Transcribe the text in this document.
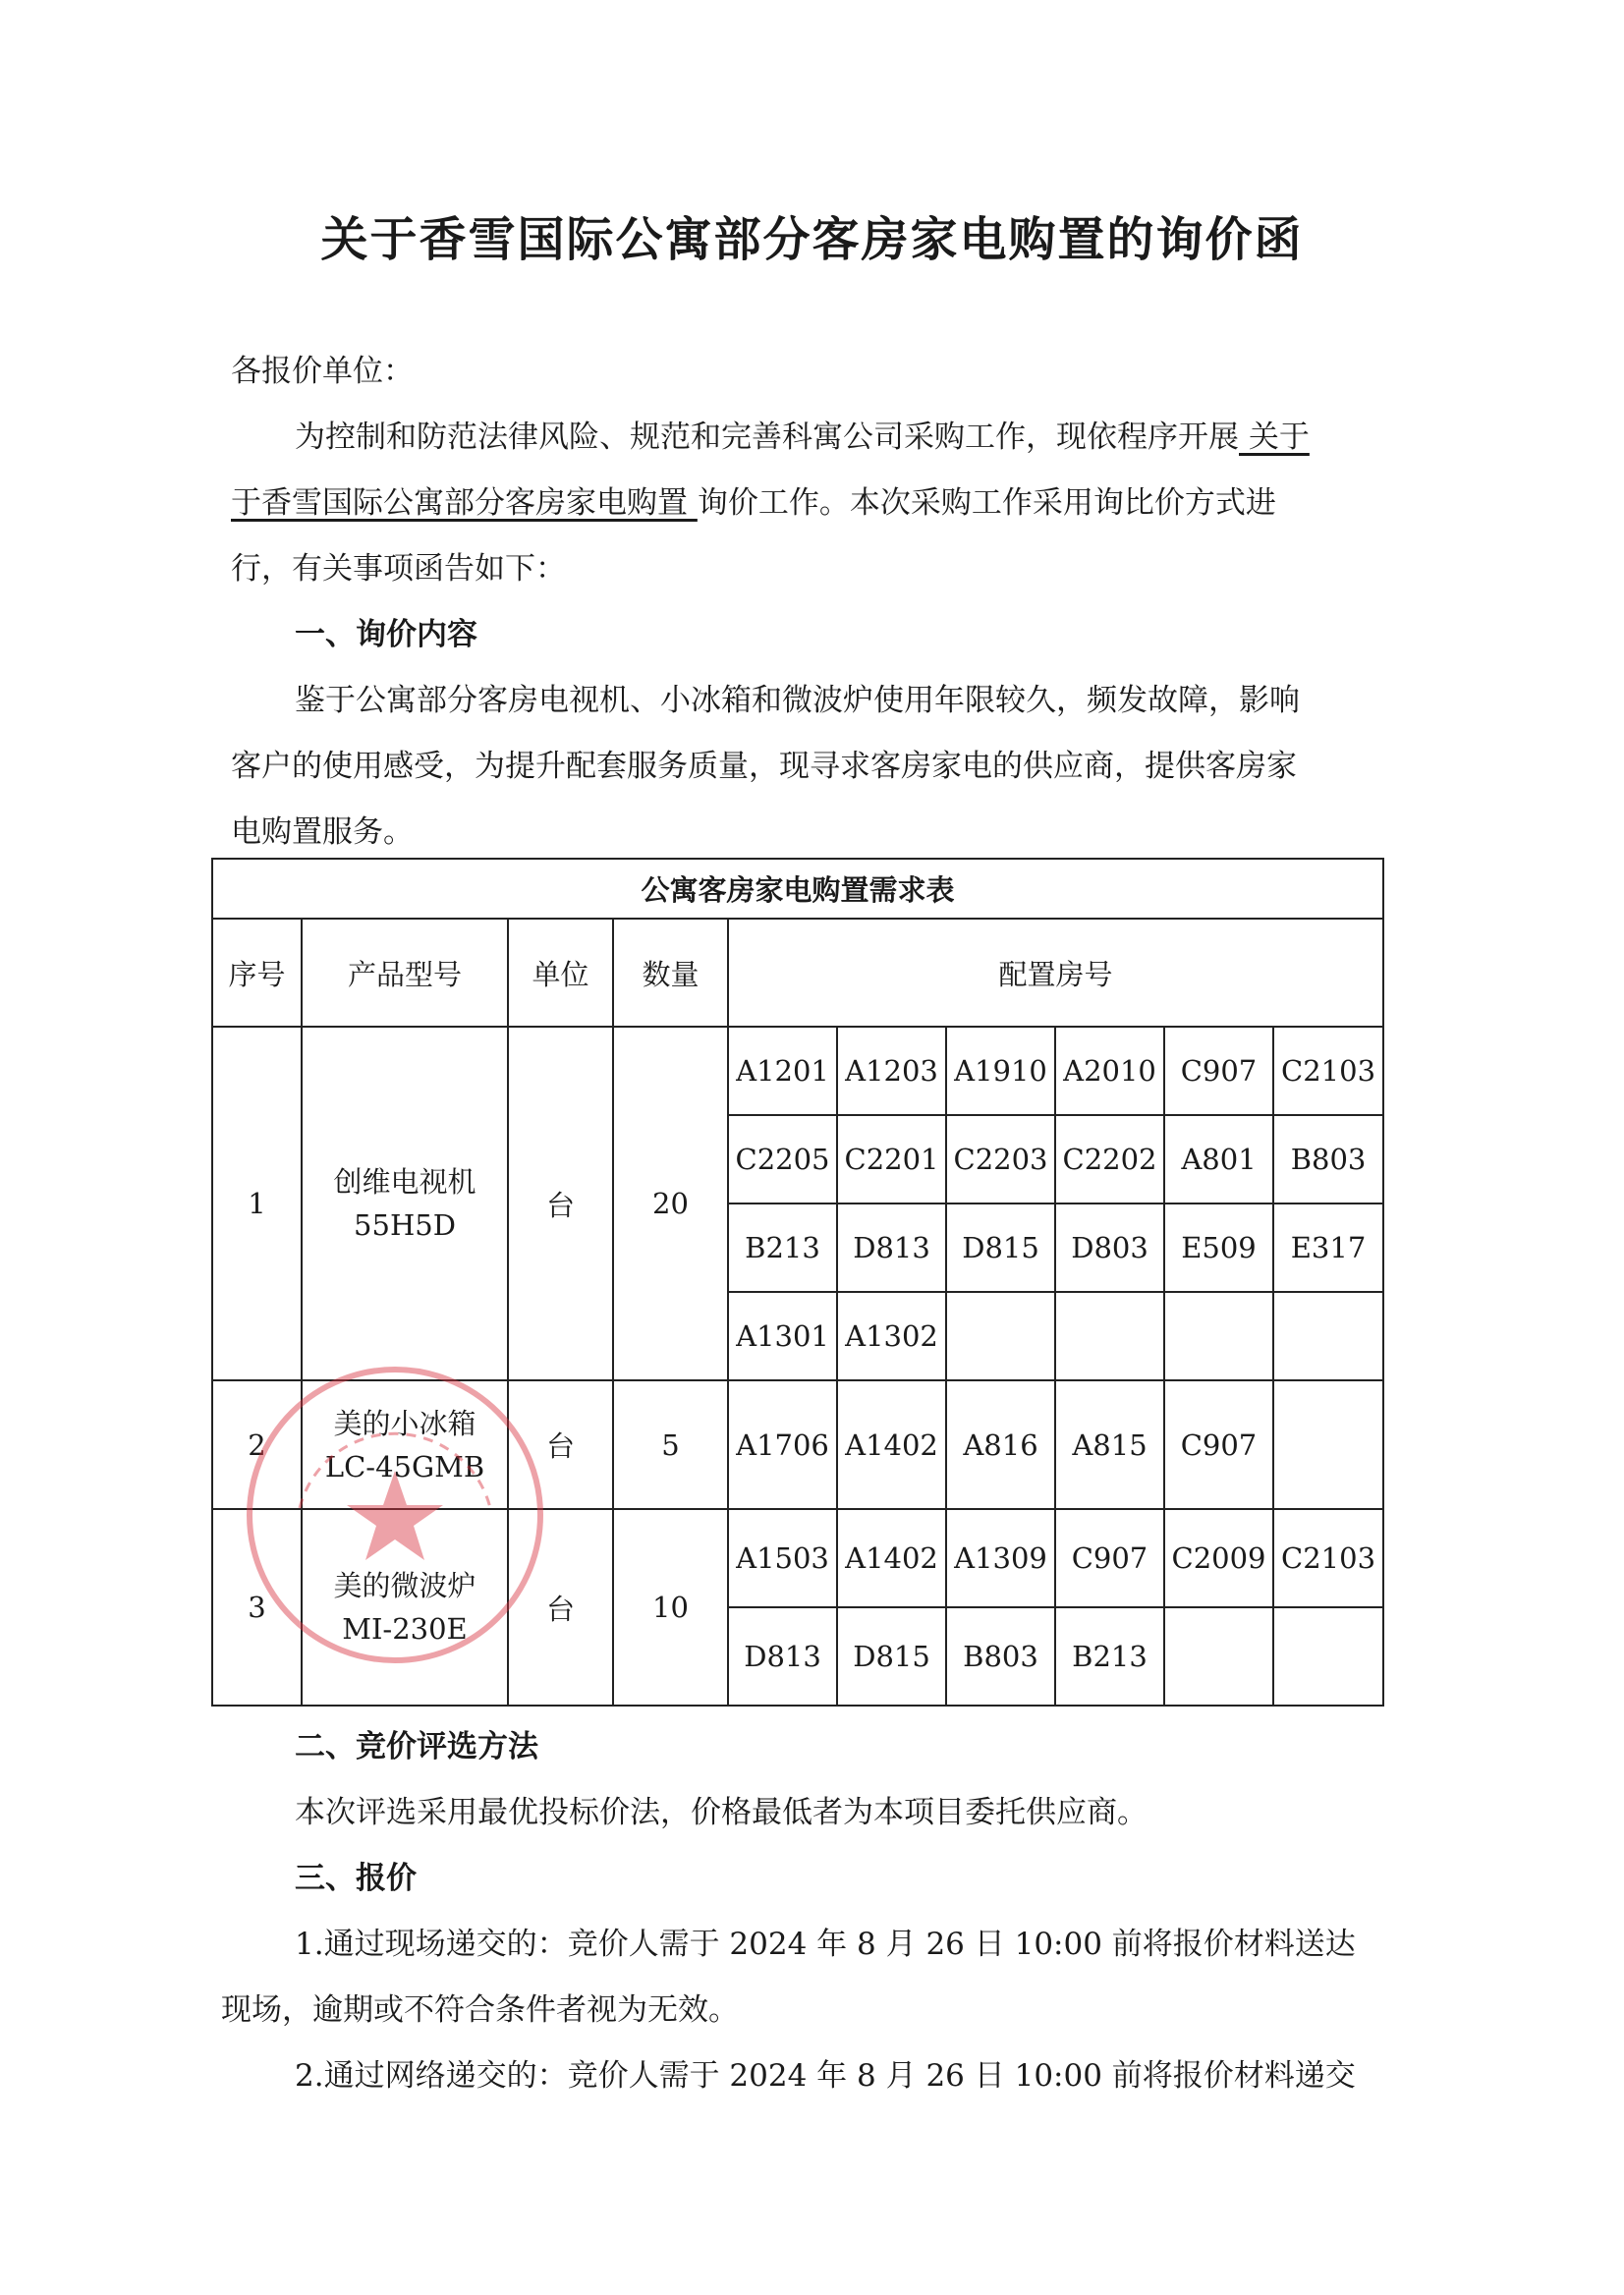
关于香雪国际公寓部分客房家电购置的询价函

各报价单位：

为控制和防范法律风险、规范和完善科寓公司采购工作，现依程序开展 关于

于香雪国际公寓部分客房家电购置 询价工作。本次采购工作采用询比价方式进

行，有关事项函告如下：

一、询价内容

鉴于公寓部分客房电视机、小冰箱和微波炉使用年限较久，频发故障，影响

客户的使用感受，为提升配套服务质量，现寻求客房家电的供应商，提供客房家

电购置服务。

公寓客房家电购置需求表									
序号	产品型号	单位	数量	配置房号					
1	创维电视机
55H5D	台	20	A1201	A1203	A1910	A2010	C907	C2103
				C2205	C2201	C2203	C2202	A801	B803
				B213	D813	D815	D803	E509	E317
				A1301	A1302				
2	美的小冰箱
LC-45GMB	台	5	A1706	A1402	A816	A815	C907	
3	美的微波炉
MI-230E	台	10	A1503	A1402	A1309	C907	C2009	C2103
				D813	D815	B803	B213		

二、竞价评选方法

本次评选采用最优投标价法，价格最低者为本项目委托供应商。

三、报价

1.通过现场递交的：竞价人需于 2024 年 8 月 26 日 10:00 前将报价材料送达

现场，逾期或不符合条件者视为无效。

2.通过网络递交的：竞价人需于 2024 年 8 月 26 日 10:00 前将报价材料递交
